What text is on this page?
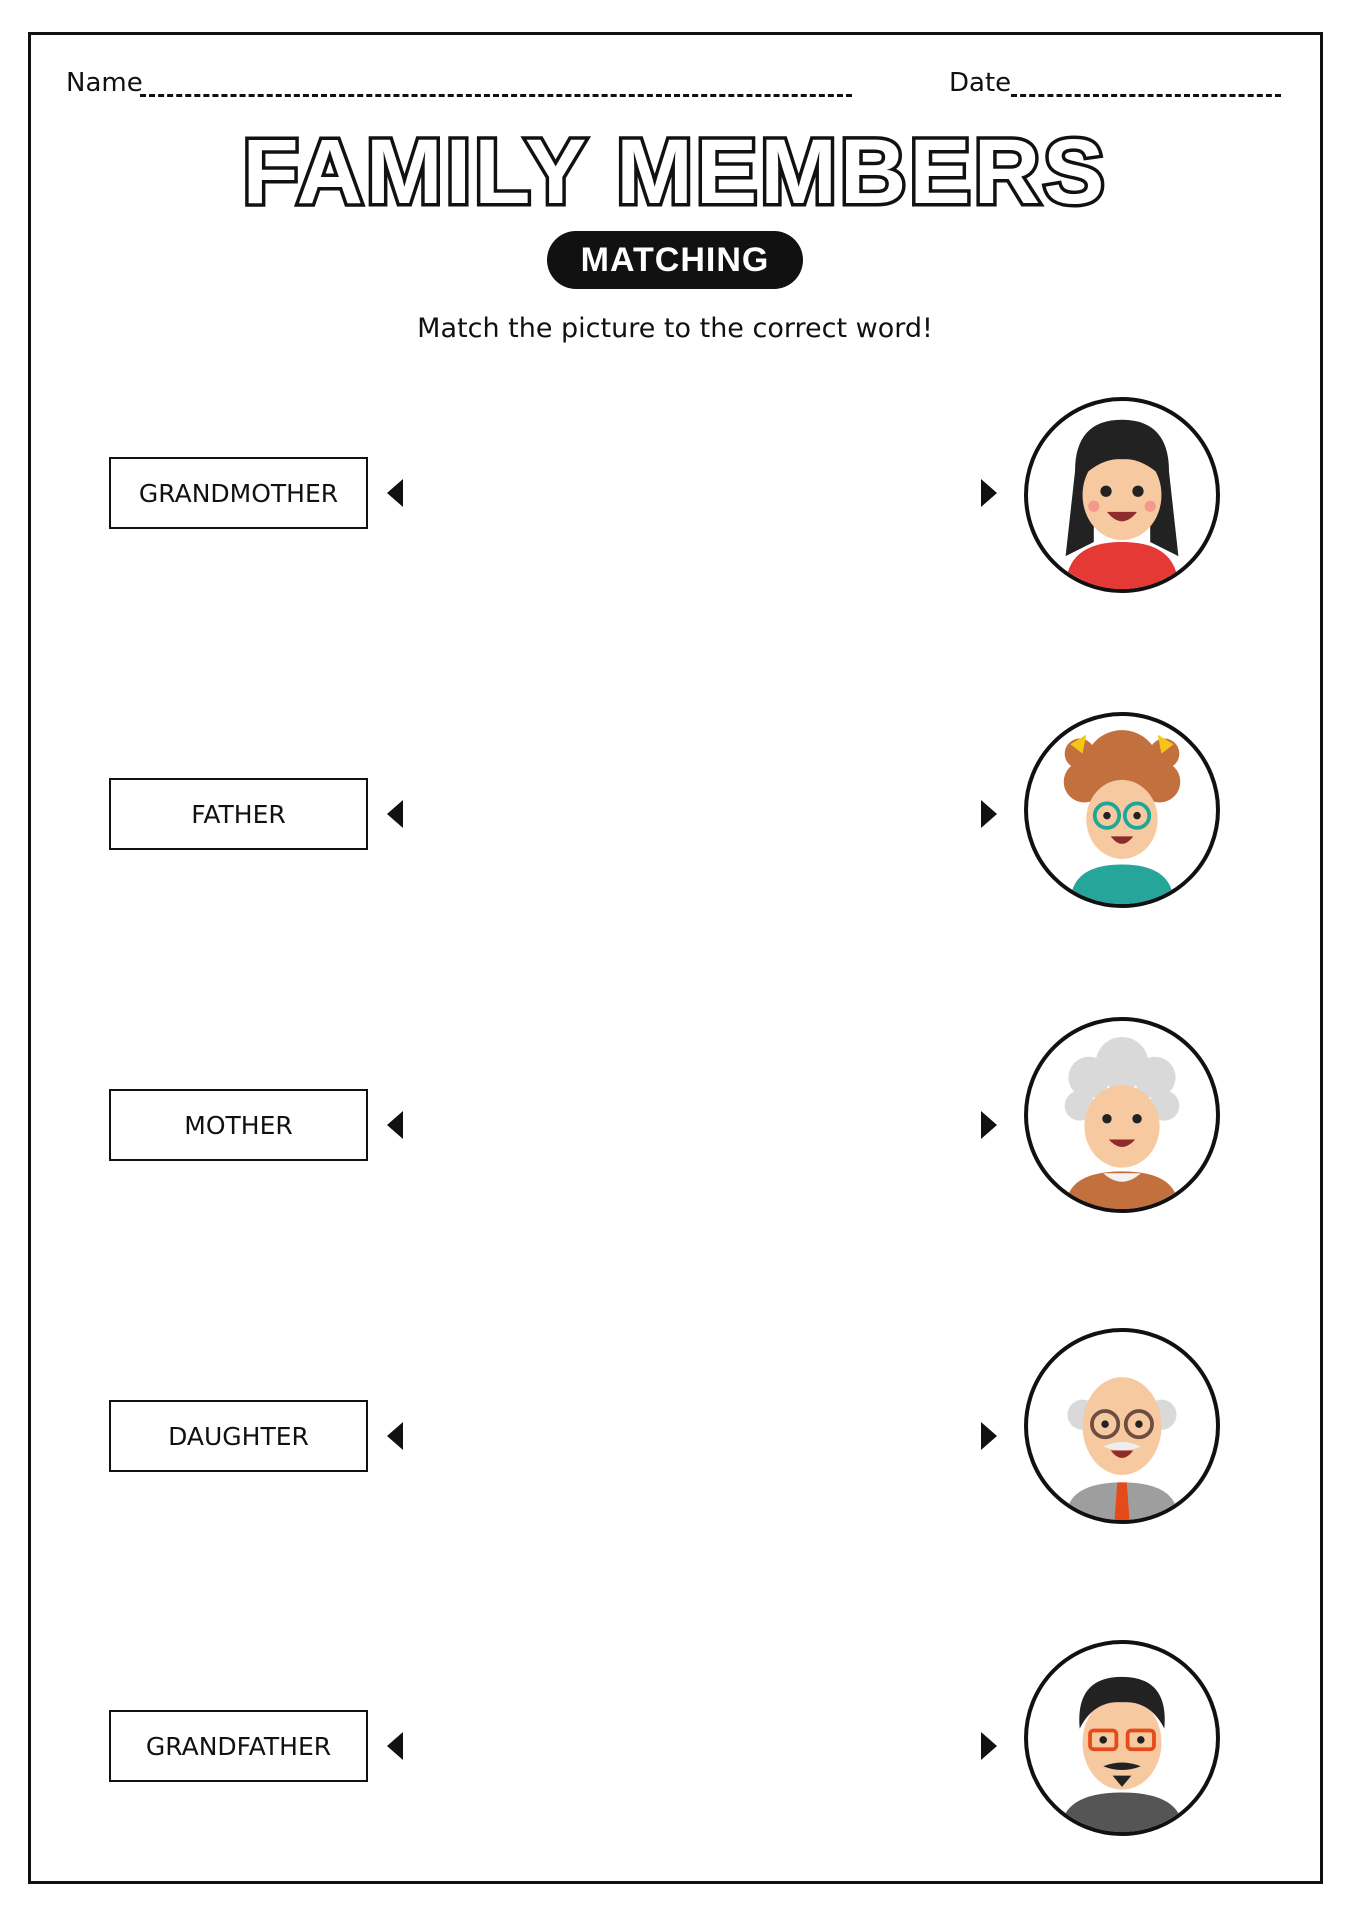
Name	Date
FAMILY MEMBERS
MATCHING
Match the picture to the correct word!
GRANDMOTHER
FATHER
MOTHER
DAUGHTER
GRANDFATHER
